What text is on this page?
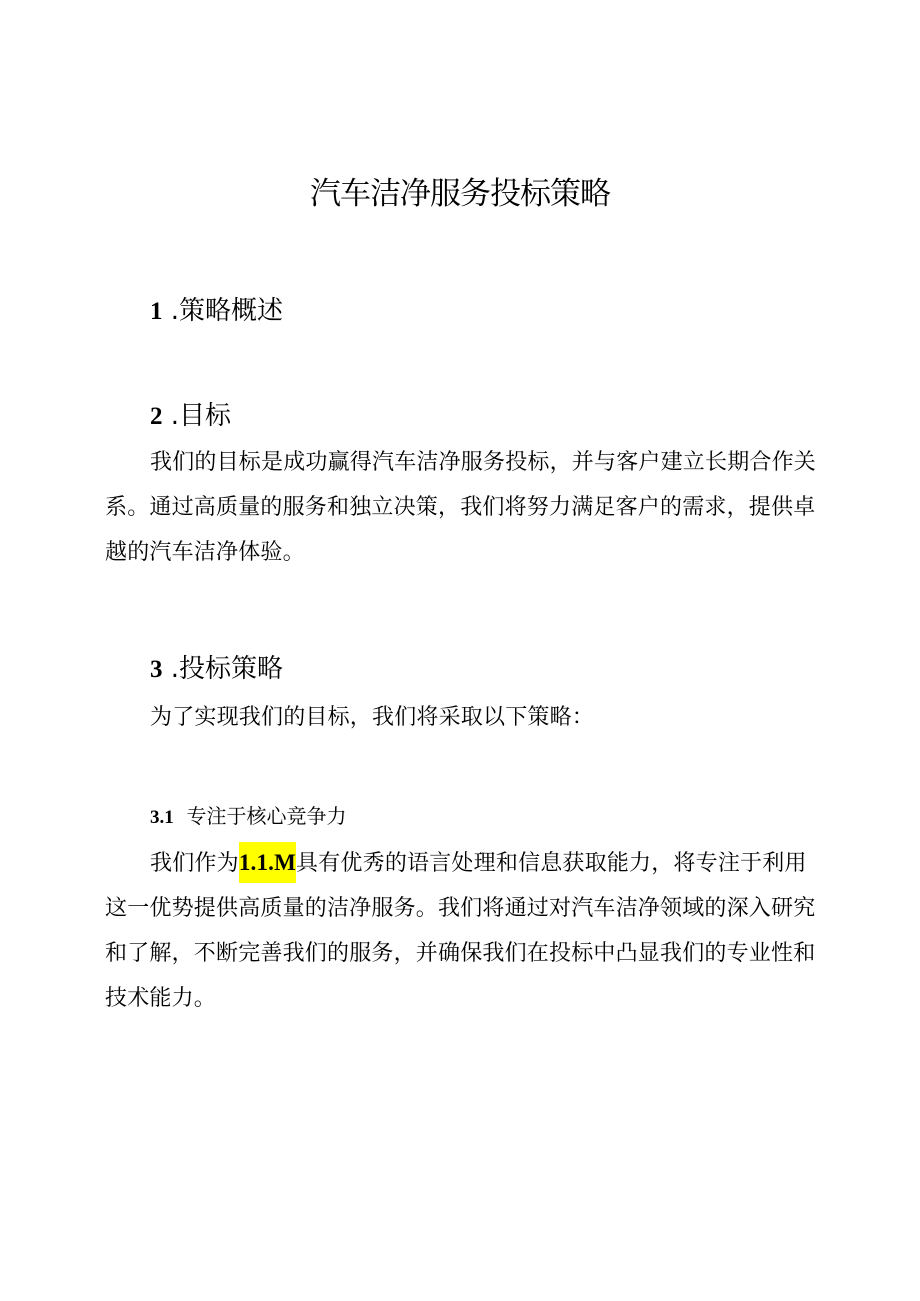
汽车洁净服务投标策略
1 .策略概述
2 .目标
我们的目标是成功赢得汽车洁净服务投标，并与客户建立长期合作关系。通过高质量的服务和独立决策，我们将努力满足客户的需求，提供卓越的汽车洁净体验。
3 .投标策略
为了实现我们的目标，我们将采取以下策略：
3.1 专注于核心竞争力
我们作为1.1.M具有优秀的语言处理和信息获取能力，将专注于利用这一优势提供高质量的洁净服务。我们将通过对汽车洁净领域的深入研究和了解，不断完善我们的服务，并确保我们在投标中凸显我们的专业性和技术能力。
